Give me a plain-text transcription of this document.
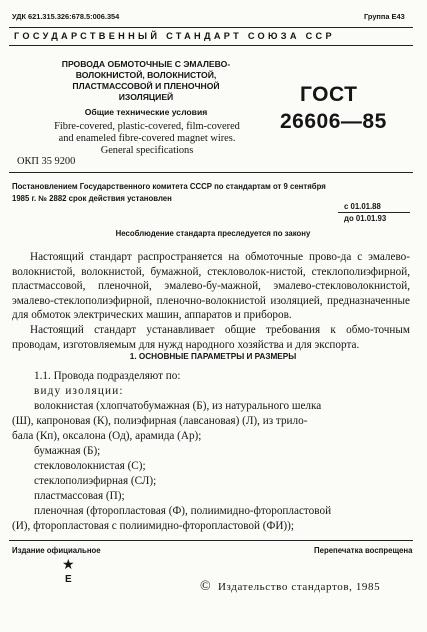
УДК 621.315.326:678.5:006.354	Группа Е43
ГОСУДАРСТВЕННЫЙ СТАНДАРТ СОЮЗА ССР
ПРОВОДА ОБМОТОЧНЫЕ С ЭМАЛЕВО-
ВОЛОКНИСТОЙ, ВОЛОКНИСТОЙ,
ПЛАСТМАССОВОЙ И ПЛЕНОЧНОЙ
ИЗОЛЯЦИЕЙ
Общие технические условия
Fibre-covered, plastic-covered, film-covered
and enameled fibre-covered magnet wires.
General specifications
ГОСТ
26606—85
ОКП 35 9200
Постановлением Государственного комитета СССР по стандартам от 9 сентября
1985 г. № 2882 срок действия установлен
с 01.01.88
до 01.01.93
Несоблюдение стандарта преследуется по закону

Настоящий стандарт распространяется на обмоточные прово-да с эмалево-волокнистой, волокнистой, бумажной, стекловолок-нистой, стеклополиэфирной, пластмассовой, пленочной, эмалево-бу-мажной, эмалево-стекловолокнистой, эмалево-стеклополиэфирной, пленочно-волокнистой изоляцией, предназначенные для обмоток электрических машин, аппаратов и приборов.

Настоящий стандарт устанавливает общие требования к обмо-точным проводам, изготовляемым для нужд народного хозяйства и для экспорта.

1. ОСНОВНЫЕ ПАРАМЕТРЫ И РАЗМЕРЫ
1.1. Провода подразделяют по:
виду изоляции:
волокнистая (хлопчатобумажная (Б), из натурального шелка
(Ш), капроновая (К), полиэфирная (лавсановая) (Л), из трило-
бала (Кп), оксалона (Од), арамида (Ар);
бумажная (Б);
стекловолокнистая (С);
стеклополиэфирная (СЛ);
пластмассовая (П);
пленочная (фторопластовая (Ф), полиимидно-фторопластовой
(И), фторопластовая с полиимидно-фторопластовой (ФИ));
Издание официальное	Перепечатка воспрещена
★
Е	© Издательство стандартов, 1985
